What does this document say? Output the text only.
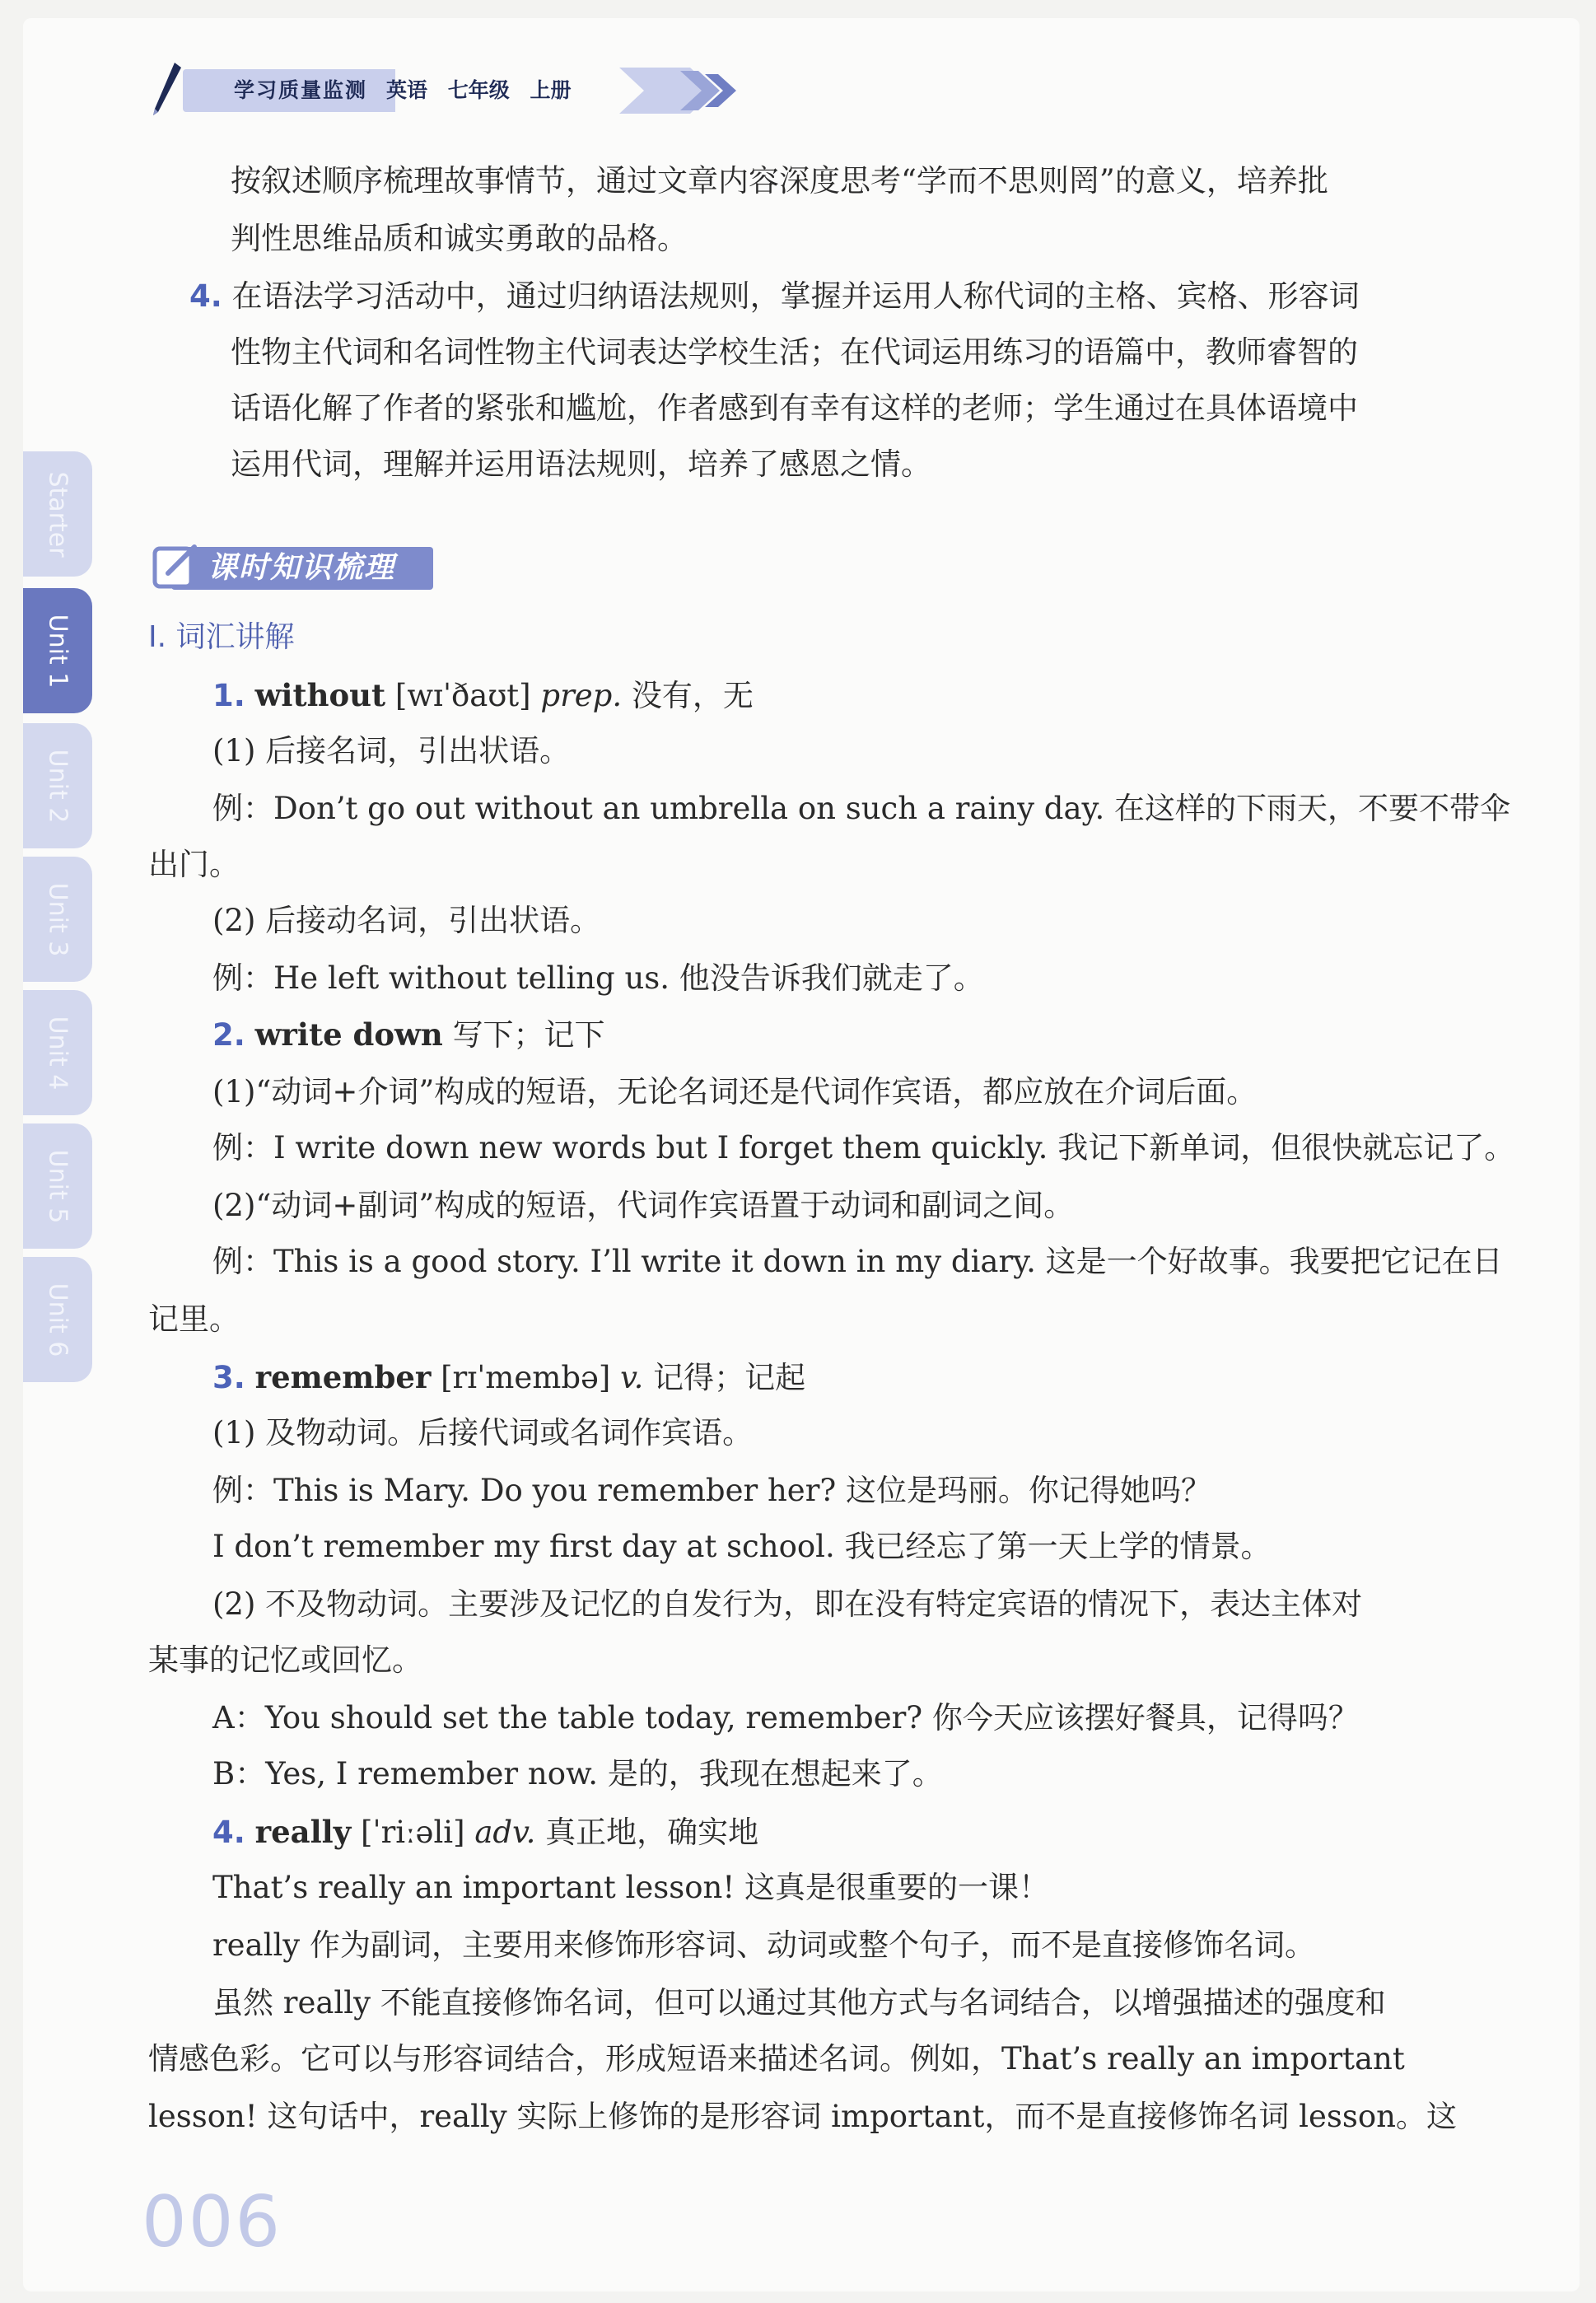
学习质量监测 英语 七年级 上册
Starter
Unit 1
Unit 2
Unit 3
Unit 4
Unit 5
Unit 6

按叙述顺序梳理故事情节，通过文章内容深度思考“学而不思则罔”的意义，培养批

判性思维品质和诚实勇敢的品格。

4. 在语法学习活动中，通过归纳语法规则，掌握并运用人称代词的主格、宾格、形容词

性物主代词和名词性物主代词表达学校生活；在代词运用练习的语篇中，教师睿智的

话语化解了作者的紧张和尴尬，作者感到有幸有这样的老师；学生通过在具体语境中

运用代词，理解并运用语法规则，培养了感恩之情。

课时知识梳理

I. 词汇讲解

1. without [wɪˈðaʊt] prep. 没有，无

(1) 后接名词，引出状语。

例：Don’t go out without an umbrella on such a rainy day. 在这样的下雨天，不要不带伞

出门。

(2) 后接动名词，引出状语。

例：He left without telling us. 他没告诉我们就走了。

2. write down 写下；记下

(1)“动词+介词”构成的短语，无论名词还是代词作宾语，都应放在介词后面。

例：I write down new words but I forget them quickly. 我记下新单词，但很快就忘记了。

(2)“动词+副词”构成的短语，代词作宾语置于动词和副词之间。

例：This is a good story. I’ll write it down in my diary. 这是一个好故事。我要把它记在日

记里。

3. remember [rɪˈmembə] v. 记得；记起

(1) 及物动词。后接代词或名词作宾语。

例：This is Mary. Do you remember her? 这位是玛丽。你记得她吗？

I don’t remember my first day at school. 我已经忘了第一天上学的情景。

(2) 不及物动词。主要涉及记忆的自发行为，即在没有特定宾语的情况下，表达主体对

某事的记忆或回忆。

A：You should set the table today, remember? 你今天应该摆好餐具，记得吗？

B：Yes, I remember now. 是的，我现在想起来了。

4. really [ˈriːəli] adv. 真正地，确实地

That’s really an important lesson! 这真是很重要的一课！

really 作为副词，主要用来修饰形容词、动词或整个句子，而不是直接修饰名词。

虽然 really 不能直接修饰名词，但可以通过其他方式与名词结合，以增强描述的强度和

情感色彩。它可以与形容词结合，形成短语来描述名词。例如，That’s really an important

lesson! 这句话中，really 实际上修饰的是形容词 important，而不是直接修饰名词 lesson。这

006
